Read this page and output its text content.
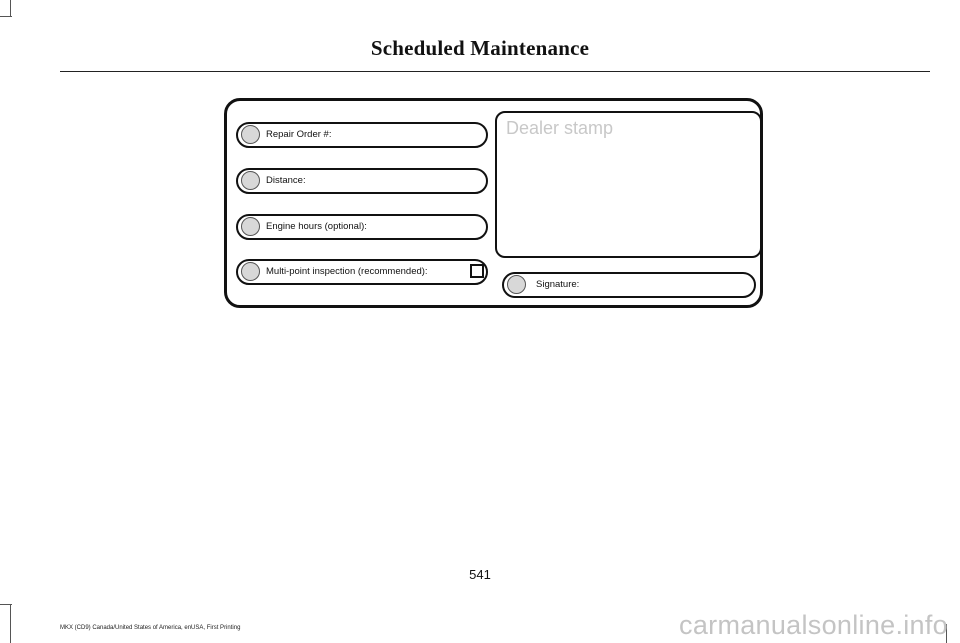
Scheduled Maintenance
Repair Order #:
Distance:
Engine hours (optional):
Multi-point inspection (recommended):
Dealer stamp
Signature:
541
MKX (CD9) Canada/United States of America, enUSA, First Printing	carmanualsonline.info
